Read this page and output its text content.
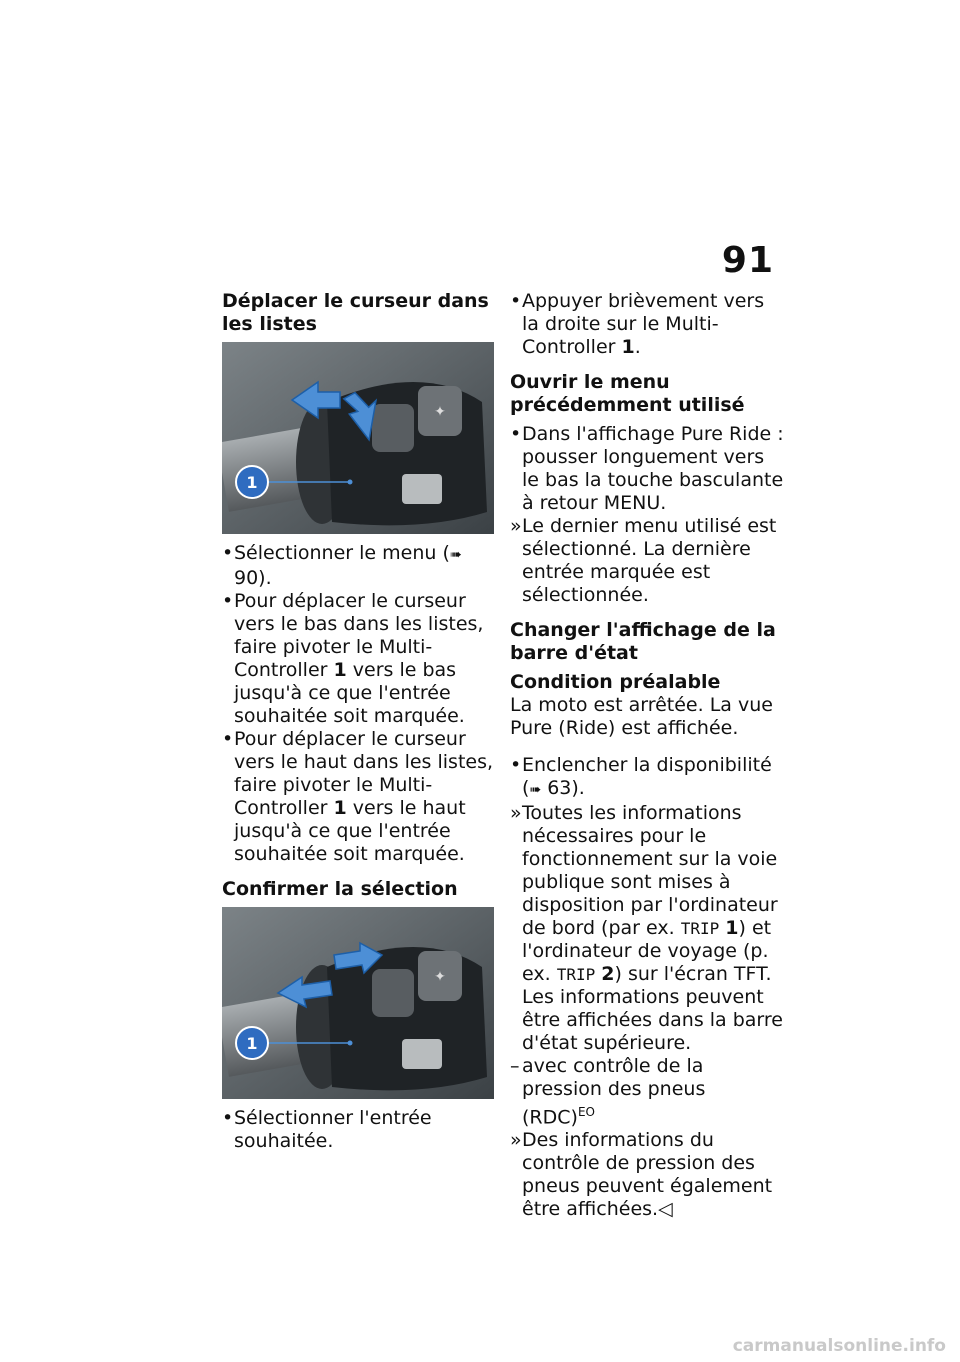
91
Déplacer le curseur dans les listes
✦
1
• Sélectionner le menu (➠ 90).
• Pour déplacer le curseur vers le bas dans les listes, faire pivoter le Multi-Controller 1 vers le bas jusqu'à ce que l'entrée souhaitée soit marquée.
• Pour déplacer le curseur vers le haut dans les listes, faire pivoter le Multi-Controller 1 vers le haut jusqu'à ce que l'entrée souhaitée soit marquée.
Confirmer la sélection
✦
1
• Sélectionner l'entrée souhaitée.
• Appuyer brièvement vers la droite sur le Multi-Controller 1.
Ouvrir le menu précédemment utilisé
• Dans l'affichage Pure Ride : pousser longuement vers le bas la touche basculante à retour MENU.
» Le dernier menu utilisé est sélectionné. La dernière entrée marquée est sélectionnée.
Changer l'affichage de la barre d'état
Condition préalable

La moto est arrêtée. La vue Pure (Ride) est affichée.

• Enclencher la disponibilité (➠ 63).
» Toutes les informations nécessaires pour le fonctionnement sur la voie publique sont mises à disposition par l'ordinateur de bord (par ex. TRIP 1) et l'ordinateur de voyage (p. ex. TRIP 2) sur l'écran TFT. Les informations peuvent être affichées dans la barre d'état supérieure.
– avec contrôle de la pression des pneus (RDC)$^{EO}$
» Des informations du contrôle de pression des pneus peuvent également être affichées.◁
carmanualsonline.info
